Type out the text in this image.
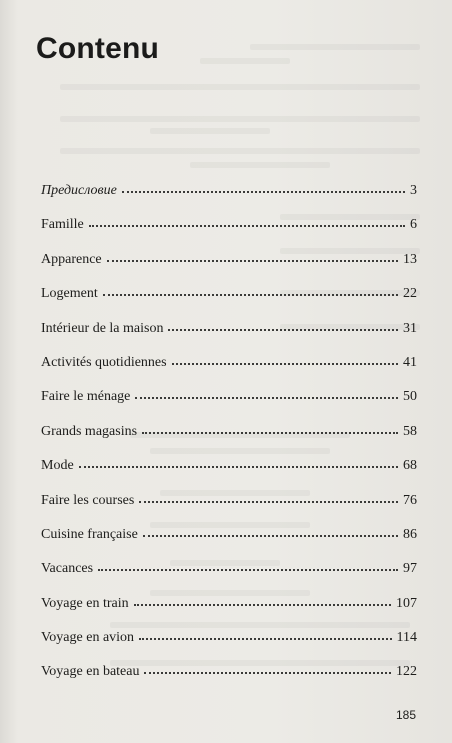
Contenu
Предисловие	3
Famille	6
Apparence	13
Logement	22
Intérieur de la maison	31
Activités quotidiennes	41
Faire le ménage	50
Grands magasins	58
Mode	68
Faire les courses	76
Cuisine française	86
Vacances	97
Voyage en train	107
Voyage en avion	114
Voyage en bateau	122
185
